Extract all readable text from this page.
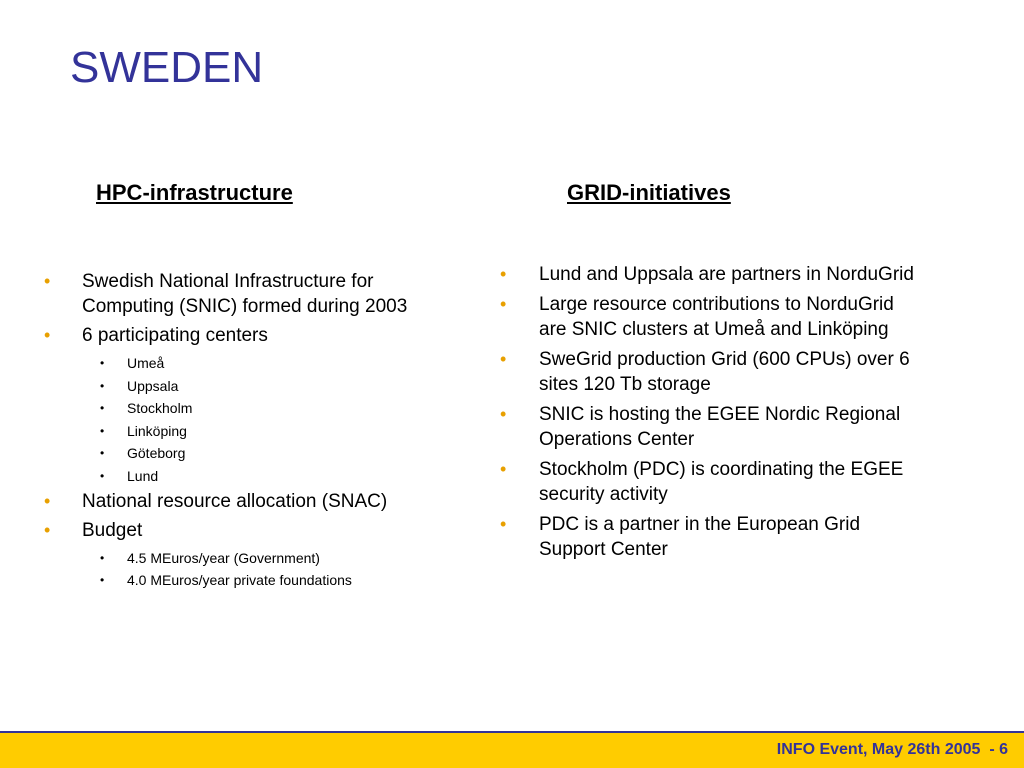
SWEDEN
HPC-infrastructure	GRID-initiatives
•	Swedish National Infrastructure for Computing (SNIC) formed during 2003
•	6 participating centers
•	Umeå
•	Uppsala
•	Stockholm
•	Linköping
•	Göteborg
•	Lund
•	National resource allocation (SNAC)
•	Budget
•	4.5 MEuros/year (Government)
•	4.0 MEuros/year private foundations
•	Lund and Uppsala are partners in NorduGrid
•	Large resource contributions to NorduGrid are SNIC clusters at Umeå and Linköping
•	SweGrid production Grid (600 CPUs) over 6 sites 120 Tb storage
•	SNIC is hosting the EGEE Nordic Regional Operations Center
•	Stockholm (PDC) is coordinating the EGEE security activity
•	PDC is a partner in the European Grid Support Center
INFO Event, May 26th 2005  - 6
